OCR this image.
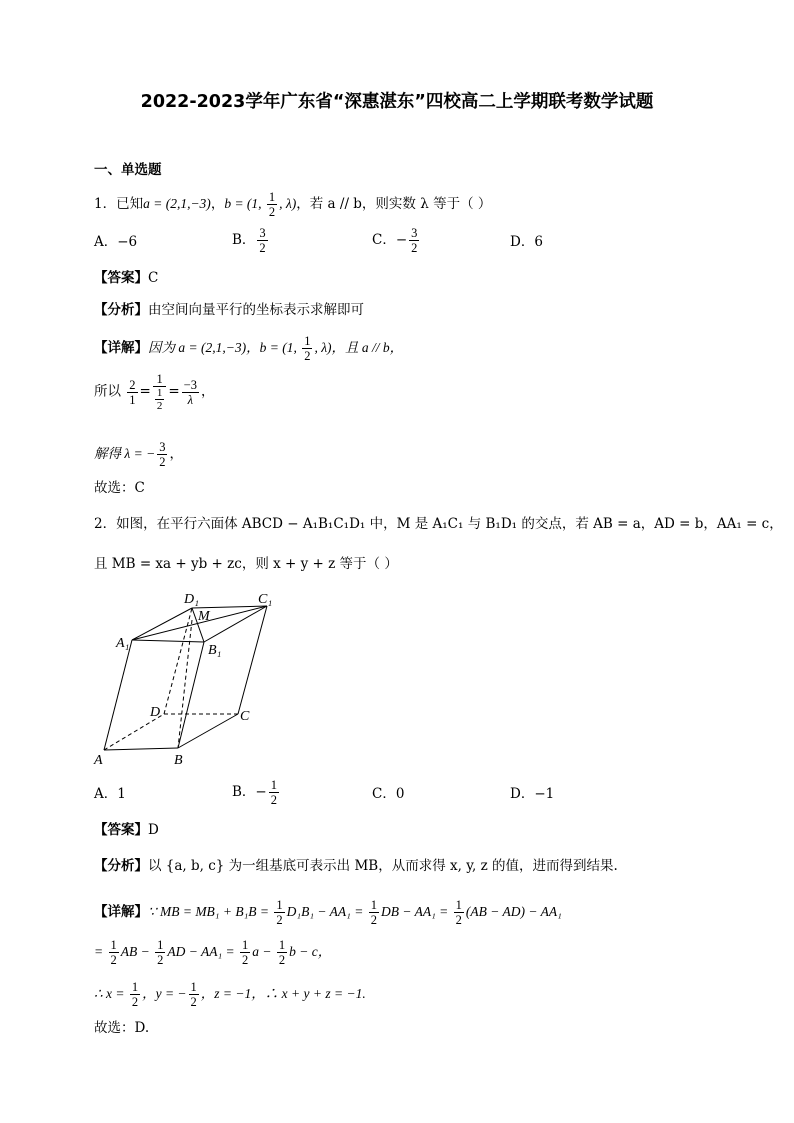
2022-2023学年广东省“深惠湛东”四校高二上学期联考数学试题
一、单选题
1．已知a = (2,1,−3)，b = (1, $\frac{1}{2}$ , λ)，若 a // b，则实数 λ 等于（ ）
A．−6	B． $\frac{3}{2}$	C．− $\frac{3}{2}$	D．6
【答案】C
【分析】由空间向量平行的坐标表示求解即可
【详解】因为 a = (2,1,−3)，b = (1, $\frac{1}{2}$ , λ)，且 a // b，
所以 $\frac{2}{1} = \frac{1}{\frac{1}{2}} = \frac{-3}{\lambda}$ ，
解得 λ = − $\frac{3}{2}$ ，
故选：C
2．如图，在平行六面体 ABCD − A₁B₁C₁D₁ 中，M 是 A₁C₁ 与 B₁D₁ 的交点，若 AB = a，AD = b，AA₁ = c，
且 MB = xa + yb + zc，则 x + y + z 等于（ ）
D₁	C₁
M
A₁	B₁
D	C
A	B
A．1	B．− $\frac{1}{2}$	C．0	D．−1
【答案】D
【分析】以 {a, b, c} 为一组基底可表示出 MB，从而求得 x, y, z 的值，进而得到结果.
【详解】∵ MB = $MB_1 + B_1B = \frac{1}{2} D_1B_1 - AA_1 = \frac{1}{2}$ DB − $AA_1 = \frac{1}{2} (AB - AD) - AA_1$
= $\frac{1}{2}$ AB − $\frac{1}{2}$ AD − $AA_1 = \frac{1}{2}$ $a - \frac{1}{2}$ b − c，
∴ $x = \frac{1}{2}$ ，y = − $\frac{1}{2}$ ，z = −1，∴ x + y + z = −1.
故选：D.
